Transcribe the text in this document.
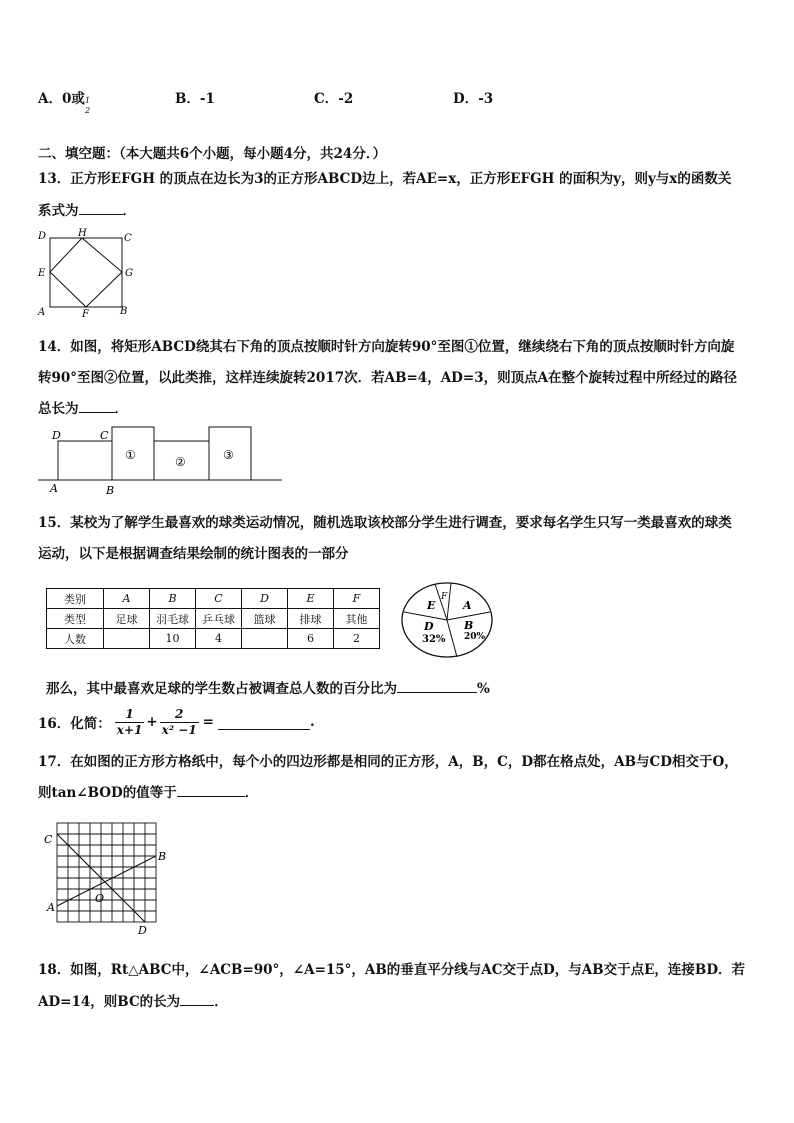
A．0或 1
2
B．-1	C．-2	D．-3
二、填空题：（本大题共6个小题，每小题4分，共24分．）
13．正方形EFGH 的顶点在边长为3的正方形ABCD边上，若AE=x，正方形EFGH 的面积为y，则y与x的函数关
系式为	．
D	H	C
E	G
A	F	B
14．如图，将矩形ABCD绕其右下角的顶点按顺时针方向旋转90°至图①位置，继续绕右下角的顶点按顺时针方向旋
转90°至图②位置，以此类推，这样连续旋转2017次．若AB=4，AD=3，则顶点A在整个旋转过程中所经过的路径
总长为	．
D	C
A	B
①	②	③
15．某校为了解学生最喜欢的球类运动情况，随机选取该校部分学生进行调查，要求每名学生只写一类最喜欢的球类
运动，以下是根据调查结果绘制的统计图表的一部分
类别	A	B	C	D	E	F
类型	足球	羽毛球	乒乓球	篮球	排球	其他
人数		10	4		6	2
F
E	A
D
32%
B
20%
那么，其中最喜欢足球的学生数占被调查总人数的百分比为	%
16．化简： $\frac{1}{x+1} + \frac{2}{\text{x² −1}}$ =	.
17．在如图的正方形方格纸中，每个小的四边形都是相同的正方形，A，B，C，D都在格点处，AB与CD相交于O，
则tan∠BOD的值等于	．
C
B
A
O
D
18．如图，Rt△ABC中，∠ACB=90°，∠A=15°，AB的垂直平分线与AC交于点D，与AB交于点E，连接BD．若
AD=14，则BC的长为	．
